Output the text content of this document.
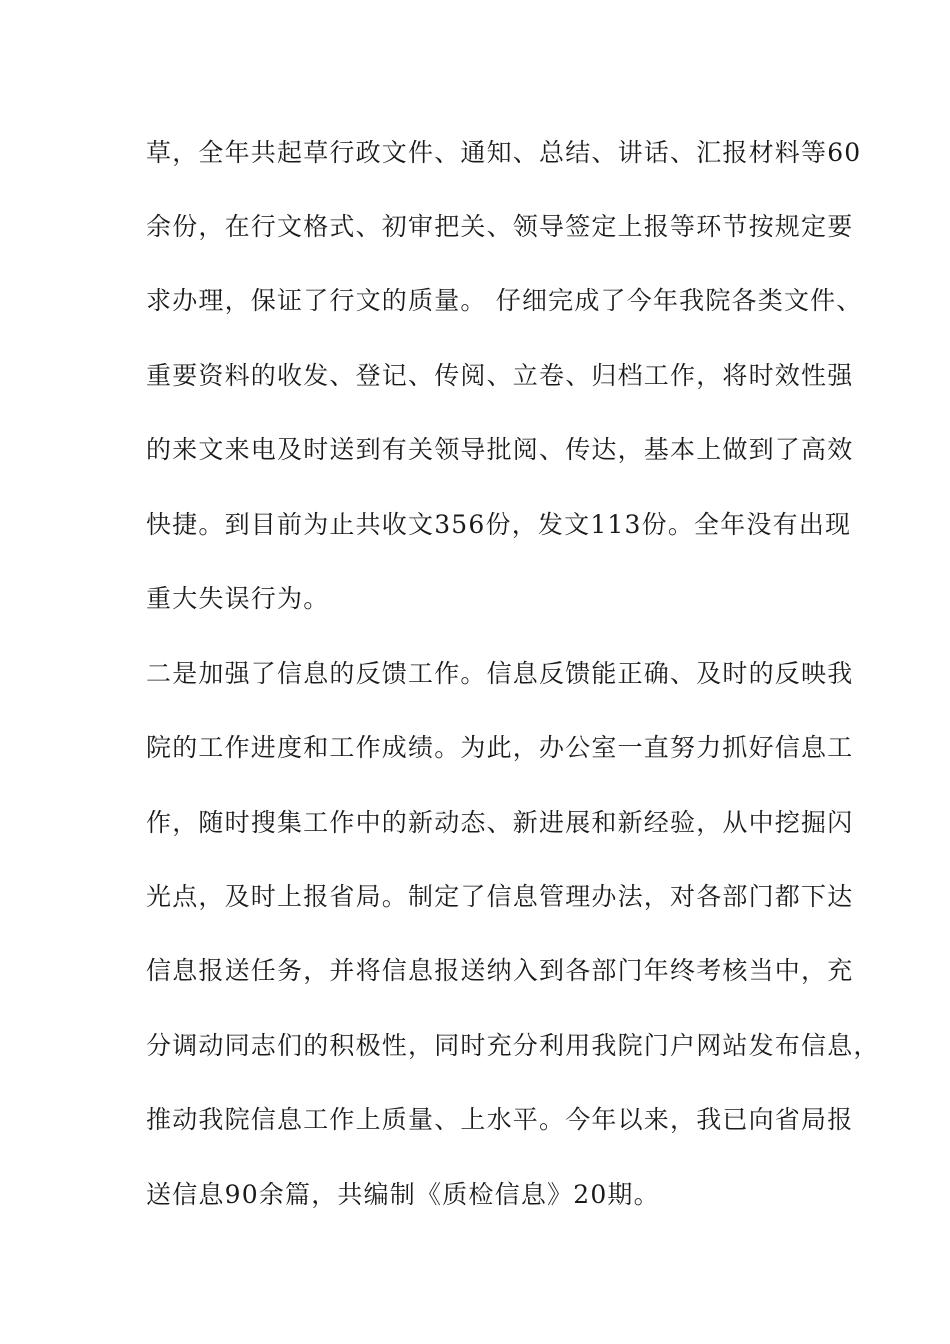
草，全年共起草行政文件、通知、总结、讲话、汇报材料等60
余份，在行文格式、初审把关、领导签定上报等环节按规定要
求办理，保证了行文的质量。 仔细完成了今年我院各类文件、
重要资料的收发、登记、传阅、立卷、归档工作，将时效性强
的来文来电及时送到有关领导批阅、传达，基本上做到了高效
快捷。到目前为止共收文356份，发文113份。全年没有出现
重大失误行为。
二是加强了信息的反馈工作。信息反馈能正确、及时的反映我
院的工作进度和工作成绩。为此，办公室一直努力抓好信息工
作，随时搜集工作中的新动态、新进展和新经验，从中挖掘闪
光点，及时上报省局。制定了信息管理办法，对各部门都下达
信息报送任务，并将信息报送纳入到各部门年终考核当中，充
分调动同志们的积极性，同时充分利用我院门户网站发布信息，
推动我院信息工作上质量、上水平。今年以来，我已向省局报
送信息90余篇，共编制《质检信息》20期。
